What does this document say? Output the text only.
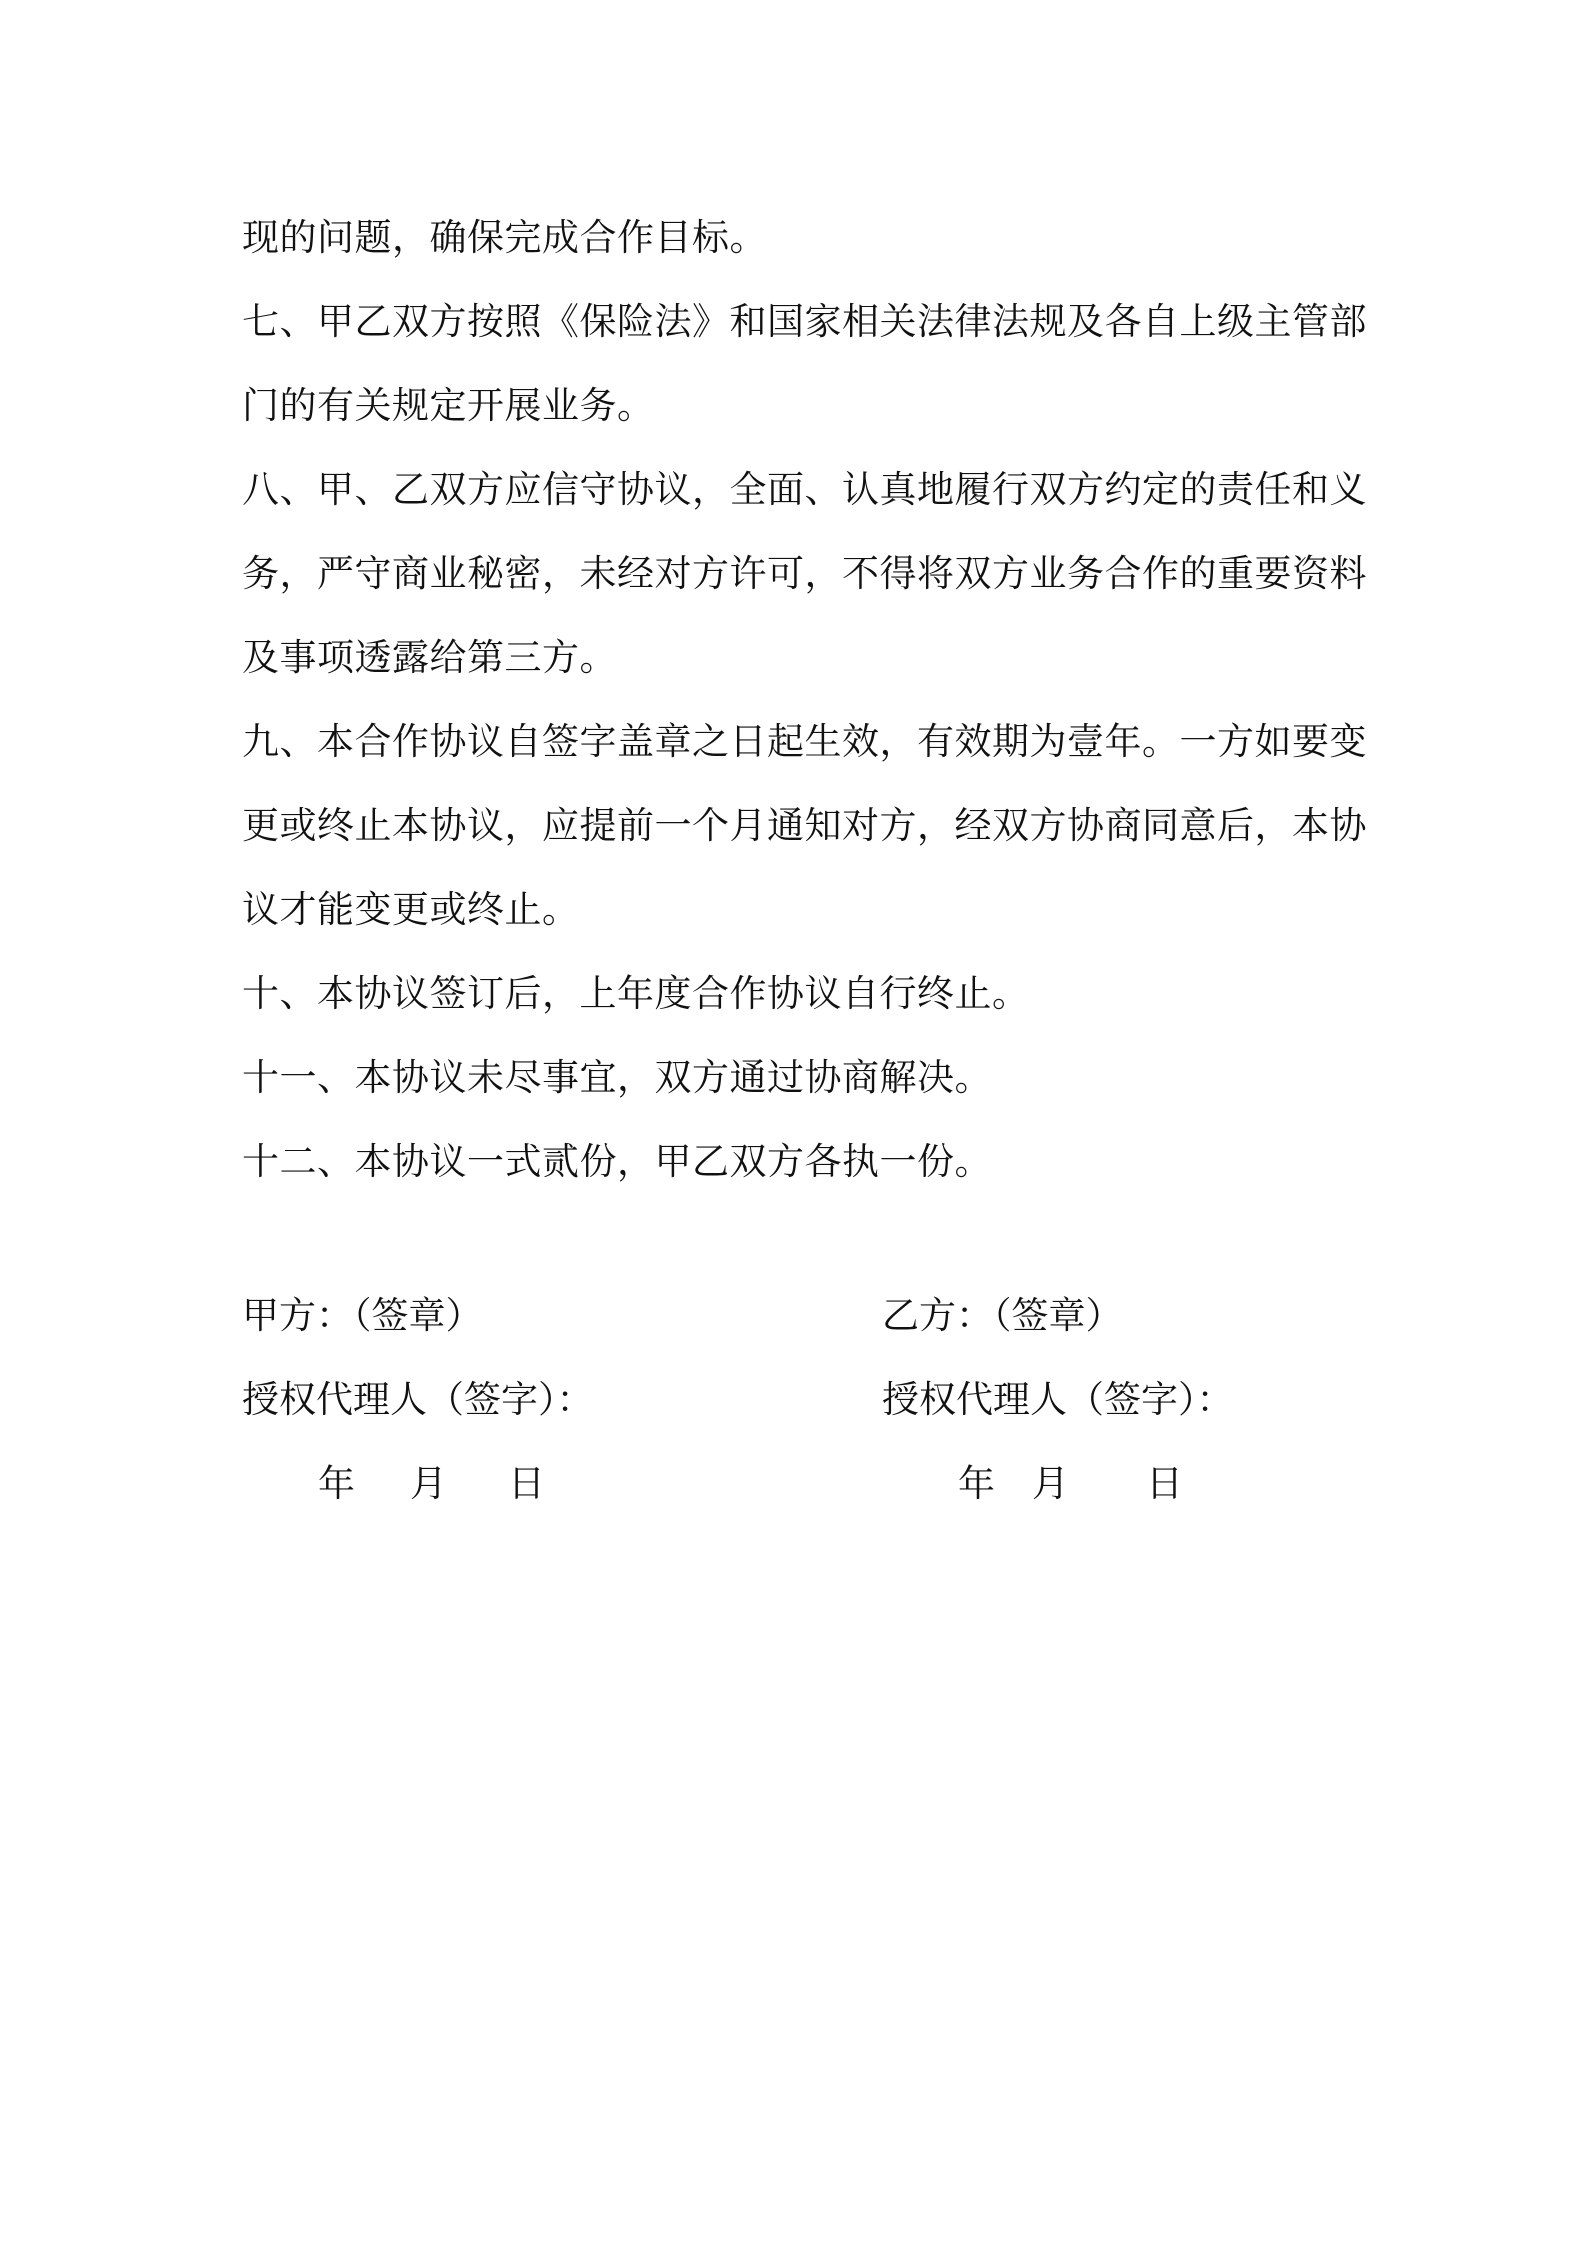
现的问题，确保完成合作目标。

七、甲乙双方按照《保险法》和国家相关法律法规及各自上级主管部

门的有关规定开展业务。

八、甲、乙双方应信守协议，全面、认真地履行双方约定的责任和义

务，严守商业秘密，未经对方许可，不得将双方业务合作的重要资料

及事项透露给第三方。

九、本合作协议自签字盖章之日起生效，有效期为壹年。一方如要变

更或终止本协议，应提前一个月通知对方，经双方协商同意后，本协

议才能变更或终止。

十、本协议签订后，上年度合作协议自行终止。

十一、本协议未尽事宜，双方通过协商解决。

十二、本协议一式贰份，甲乙双方各执一份。

甲方：（签章）

授权代理人（签字）：

年 月 日

乙方：（签章）

授权代理人（签字）：

年 月 日
